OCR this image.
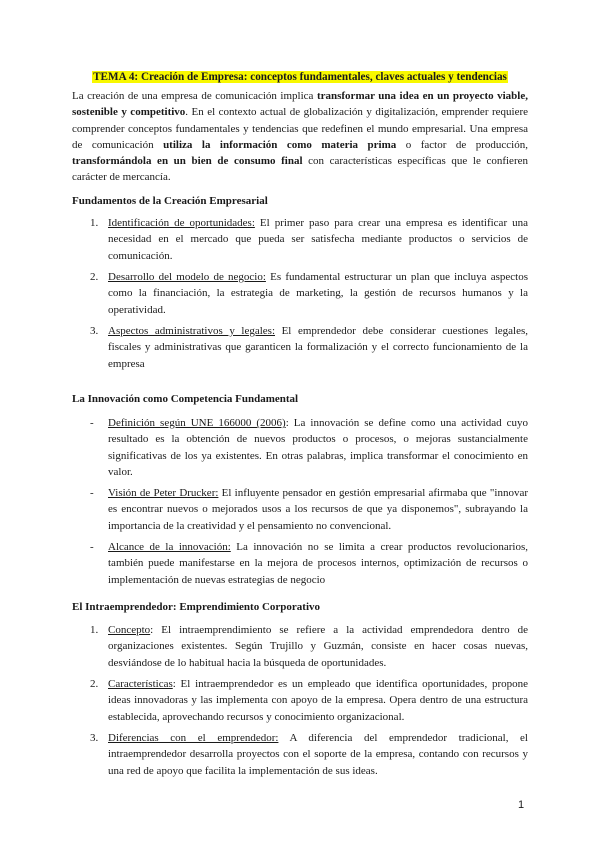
TEMA 4: Creación de Empresa: conceptos fundamentales, claves actuales y tendencias

La creación de una empresa de comunicación implica transformar una idea en un proyecto viable, sostenible y competitivo. En el contexto actual de globalización y digitalización, emprender requiere comprender conceptos fundamentales y tendencias que redefinen el mundo empresarial. Una empresa de comunicación utiliza la información como materia prima o factor de producción, transformándola en un bien de consumo final con características específicas que le confieren carácter de mercancía.

Fundamentos de la Creación Empresarial

1. Identificación de oportunidades: El primer paso para crear una empresa es identificar una necesidad en el mercado que pueda ser satisfecha mediante productos o servicios de comunicación.

2. Desarrollo del modelo de negocio: Es fundamental estructurar un plan que incluya aspectos como la financiación, la estrategia de marketing, la gestión de recursos humanos y la operatividad.

3. Aspectos administrativos y legales: El emprendedor debe considerar cuestiones legales, fiscales y administrativas que garanticen la formalización y el correcto funcionamiento de la empresa

La Innovación como Competencia Fundamental

- Definición según UNE 166000 (2006): La innovación se define como una actividad cuyo resultado es la obtención de nuevos productos o procesos, o mejoras sustancialmente significativas de los ya existentes. En otras palabras, implica transformar el conocimiento en valor.

- Visión de Peter Drucker: El influyente pensador en gestión empresarial afirmaba que "innovar es encontrar nuevos o mejorados usos a los recursos de que ya disponemos", subrayando la importancia de la creatividad y el pensamiento no convencional.

- Alcance de la innovación: La innovación no se limita a crear productos revolucionarios, también puede manifestarse en la mejora de procesos internos, optimización de recursos o implementación de nuevas estrategias de negocio

El Intraemprendedor: Emprendimiento Corporativo

1. Concepto: El intraemprendimiento se refiere a la actividad emprendedora dentro de organizaciones existentes. Según Trujillo y Guzmán, consiste en hacer cosas nuevas, desviándose de lo habitual hacia la búsqueda de oportunidades.

2. Características: El intraemprendedor es un empleado que identifica oportunidades, propone ideas innovadoras y las implementa con apoyo de la empresa. Opera dentro de una estructura establecida, aprovechando recursos y conocimiento organizacional.

3. Diferencias con el emprendedor: A diferencia del emprendedor tradicional, el intraemprendedor desarrolla proyectos con el soporte de la empresa, contando con recursos y una red de apoyo que facilita la implementación de sus ideas.

1
